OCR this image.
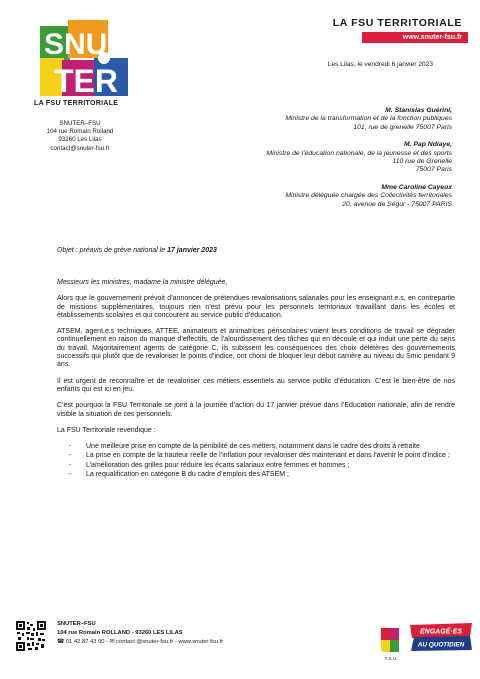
SNU
TER
LA FSU TERRITORIALE
SNUTER–FSU
104 rue Romain Rolland
93260 Les Lilas
contact@snuter-fsu.fr
LA FSU TERRITORIALE
www.snuter-fsu.fr
Les Lilas, le vendredi 6 janvier 2023
M. Stanislas Guérini,
Ministre de la transformation et de la fonction publiques
101, rue de grenelle 75007 Paris
M. Pap Ndiaye,
Ministre de l’éducation nationale, de la jeunesse et des sports
110 rue de Grenelle
75007 Paris
Mme Caroline Cayeux
Ministre déléguée chargée des Collectivités territoriales
20, avenue de Ségur - 75007 PARIS
Objet : préavis de grève national le 17 janvier 2023

Messieurs les ministres, madame la ministre déléguée,

Alors que le gouvernement prévoit d’annoncer de prétendues revalorisations salariales pour les enseignant.e.s, en contrepartie de missions supplémentaires, toujours rien n’est prévu pour les personnels territoriaux travaillant dans les écoles et établissements scolaires et qui concourent au service public d’éducation.

ATSEM, agent.e.s techniques, ATTEE, animateurs et animatrices périscolaires voient leurs conditions de travail se dégrader continuellement en raison du manque d’effectifs, de l’alourdissement des tâches qui en découle et qui induit une perte du sens du travail. Majoritairement agents de catégorie C, ils subissent les conséquences des choix délétères des gouvernements successifs qui plutôt que de revaloriser le points d’indice, ont choisi de bloquer leur début carrière au niveau du Smic pendant 9 ans.

Il est urgent de reconnaître et de revaloriser ces métiers essentiels au service public d’éducation. C’est le bien-être de nos enfants qui est ici en jeu.

C’est pourquoi la FSU Territoriale se joint à la journée d’action du 17 janvier prévue dans l’Education nationale, afin de rendre visible la situation de ces personnels.

La FSU Territoriale revendique :

- Une meilleure prise en compte de la pénibilité de ces métiers, notamment dans le cadre des droits à retraite
- La prise en compte de la hauteur réelle de l’inflation pour revaloriser dès maintenant et dans l’avenir le point d’indice ;
- L’amélioration des grilles pour réduire les écarts salariaux entre femmes et hommes ;
- La requalification en catégorie B du cadre d’emplois des ATSEM ;
SNUTER–FSU
104 rue Romain ROLLAND - 93260 LES LILAS
☎ 01 42 87 43 00 - ✉ contact @snuter-fsu.fr - www.snuter-fsu.fr
F.S.U.
ENGAGÉ·ES
AU QUOTIDIEN
